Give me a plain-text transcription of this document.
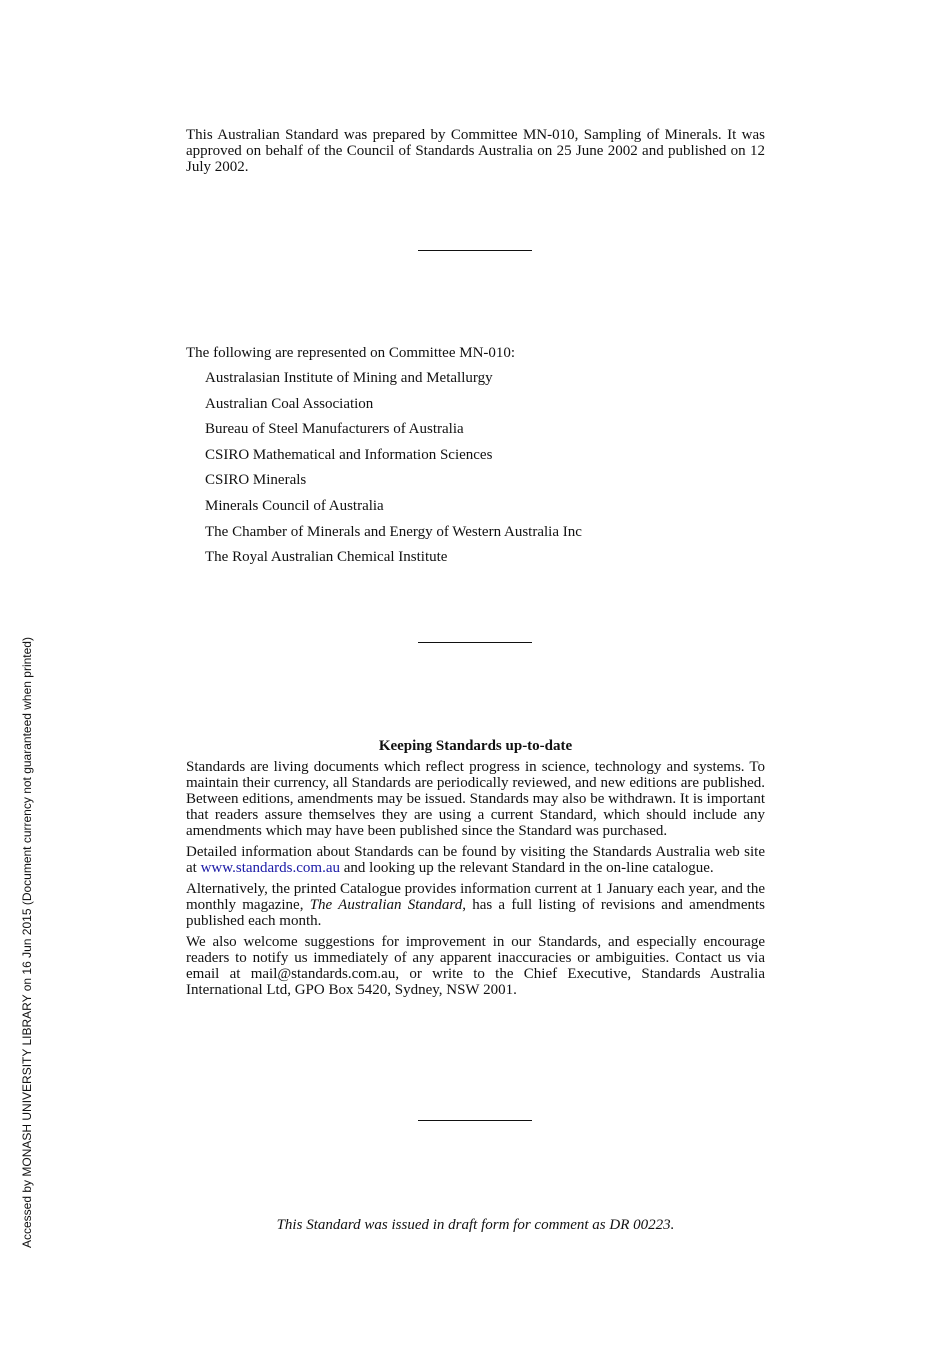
This Australian Standard was prepared by Committee MN-010, Sampling of Minerals. It was approved on behalf of the Council of Standards Australia on 25 June 2002 and published on 12 July 2002.
The following are represented on Committee MN-010:
Australasian Institute of Mining and Metallurgy
Australian Coal Association
Bureau of Steel Manufacturers of Australia
CSIRO Mathematical and Information Sciences
CSIRO Minerals
Minerals Council of Australia
The Chamber of Minerals and Energy of Western Australia Inc
The Royal Australian Chemical Institute
Keeping Standards up-to-date

Standards are living documents which reflect progress in science, technology and systems. To maintain their currency, all Standards are periodically reviewed, and new editions are published. Between editions, amendments may be issued. Standards may also be withdrawn. It is important that readers assure themselves they are using a current Standard, which should include any amendments which may have been published since the Standard was purchased.

Detailed information about Standards can be found by visiting the Standards Australia web site at www.standards.com.au and looking up the relevant Standard in the on-line catalogue.

Alternatively, the printed Catalogue provides information current at 1 January each year, and the monthly magazine, The Australian Standard, has a full listing of revisions and amendments published each month.

We also welcome suggestions for improvement in our Standards, and especially encourage readers to notify us immediately of any apparent inaccuracies or ambiguities. Contact us via email at mail@standards.com.au, or write to the Chief Executive, Standards Australia International Ltd, GPO Box 5420, Sydney, NSW 2001.

This Standard was issued in draft form for comment as DR 00223.
Accessed by MONASH UNIVERSITY LIBRARY on 16 Jun 2015 (Document currency not guaranteed when printed)
